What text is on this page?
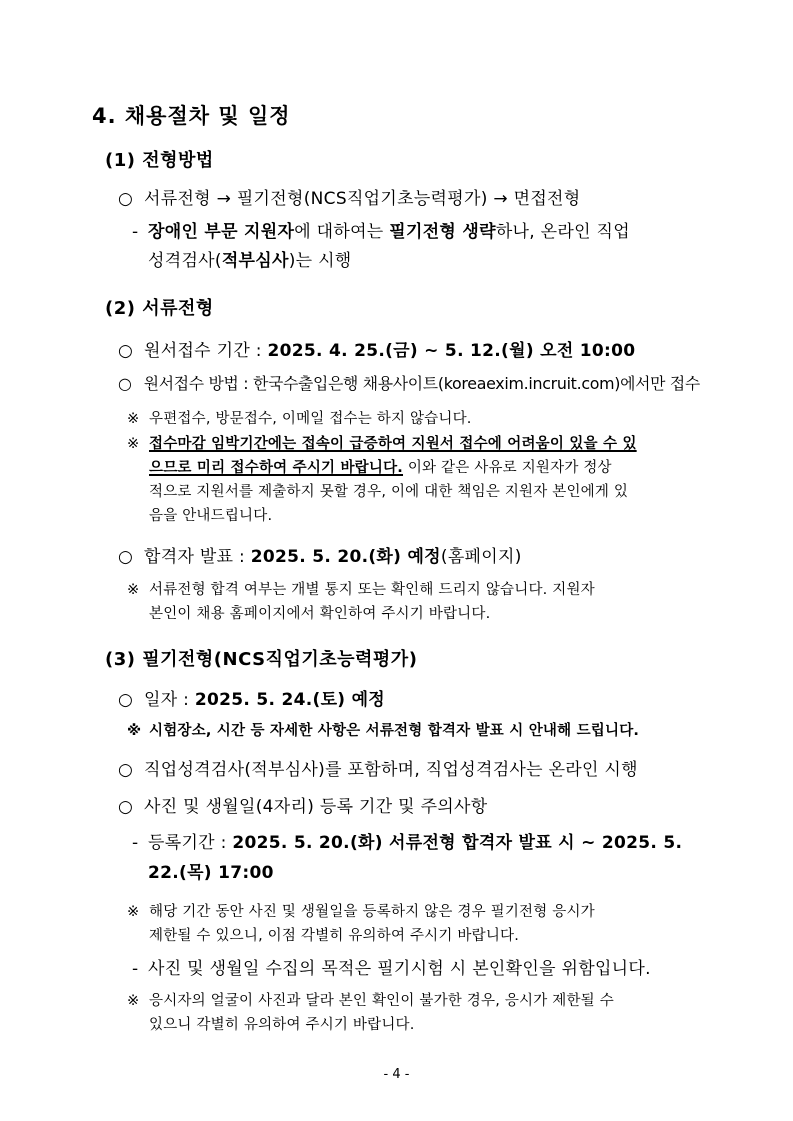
4. 채용절차 및 일정
(1) 전형방법
○ 서류전형 → 필기전형(NCS직업기초능력평가) → 면접전형
- 장애인 부문 지원자에 대하여는 필기전형 생략하나, 온라인 직업
성격검사(적부심사)는 시행
(2) 서류전형
○ 원서접수 기간 : 2025. 4. 25.(금) ~ 5. 12.(월) 오전 10:00
○ 원서접수 방법 : 한국수출입은행 채용사이트(koreaexim.incruit.com)에서만 접수
※ 우편접수, 방문접수, 이메일 접수는 하지 않습니다.
※ 접수마감 임박기간에는 접속이 급증하여 지원서 접수에 어려움이 있을 수 있
으므로 미리 접수하여 주시기 바랍니다. 이와 같은 사유로 지원자가 정상
적으로 지원서를 제출하지 못할 경우, 이에 대한 책임은 지원자 본인에게 있
음을 안내드립니다.
○ 합격자 발표 : 2025. 5. 20.(화) 예정(홈페이지)
※ 서류전형 합격 여부는 개별 통지 또는 확인해 드리지 않습니다. 지원자
본인이 채용 홈페이지에서 확인하여 주시기 바랍니다.
(3) 필기전형(NCS직업기초능력평가)
○ 일자 : 2025. 5. 24.(토) 예정
※ 시험장소, 시간 등 자세한 사항은 서류전형 합격자 발표 시 안내해 드립니다.
○ 직업성격검사(적부심사)를 포함하며, 직업성격검사는 온라인 시행
○ 사진 및 생월일(4자리) 등록 기간 및 주의사항
- 등록기간 : 2025. 5. 20.(화) 서류전형 합격자 발표 시 ~ 2025. 5.
22.(목) 17:00
※ 해당 기간 동안 사진 및 생월일을 등록하지 않은 경우 필기전형 응시가
제한될 수 있으니, 이점 각별히 유의하여 주시기 바랍니다.
- 사진 및 생월일 수집의 목적은 필기시험 시 본인확인을 위함입니다.
※ 응시자의 얼굴이 사진과 달라 본인 확인이 불가한 경우, 응시가 제한될 수
있으니 각별히 유의하여 주시기 바랍니다.
- 4 -
